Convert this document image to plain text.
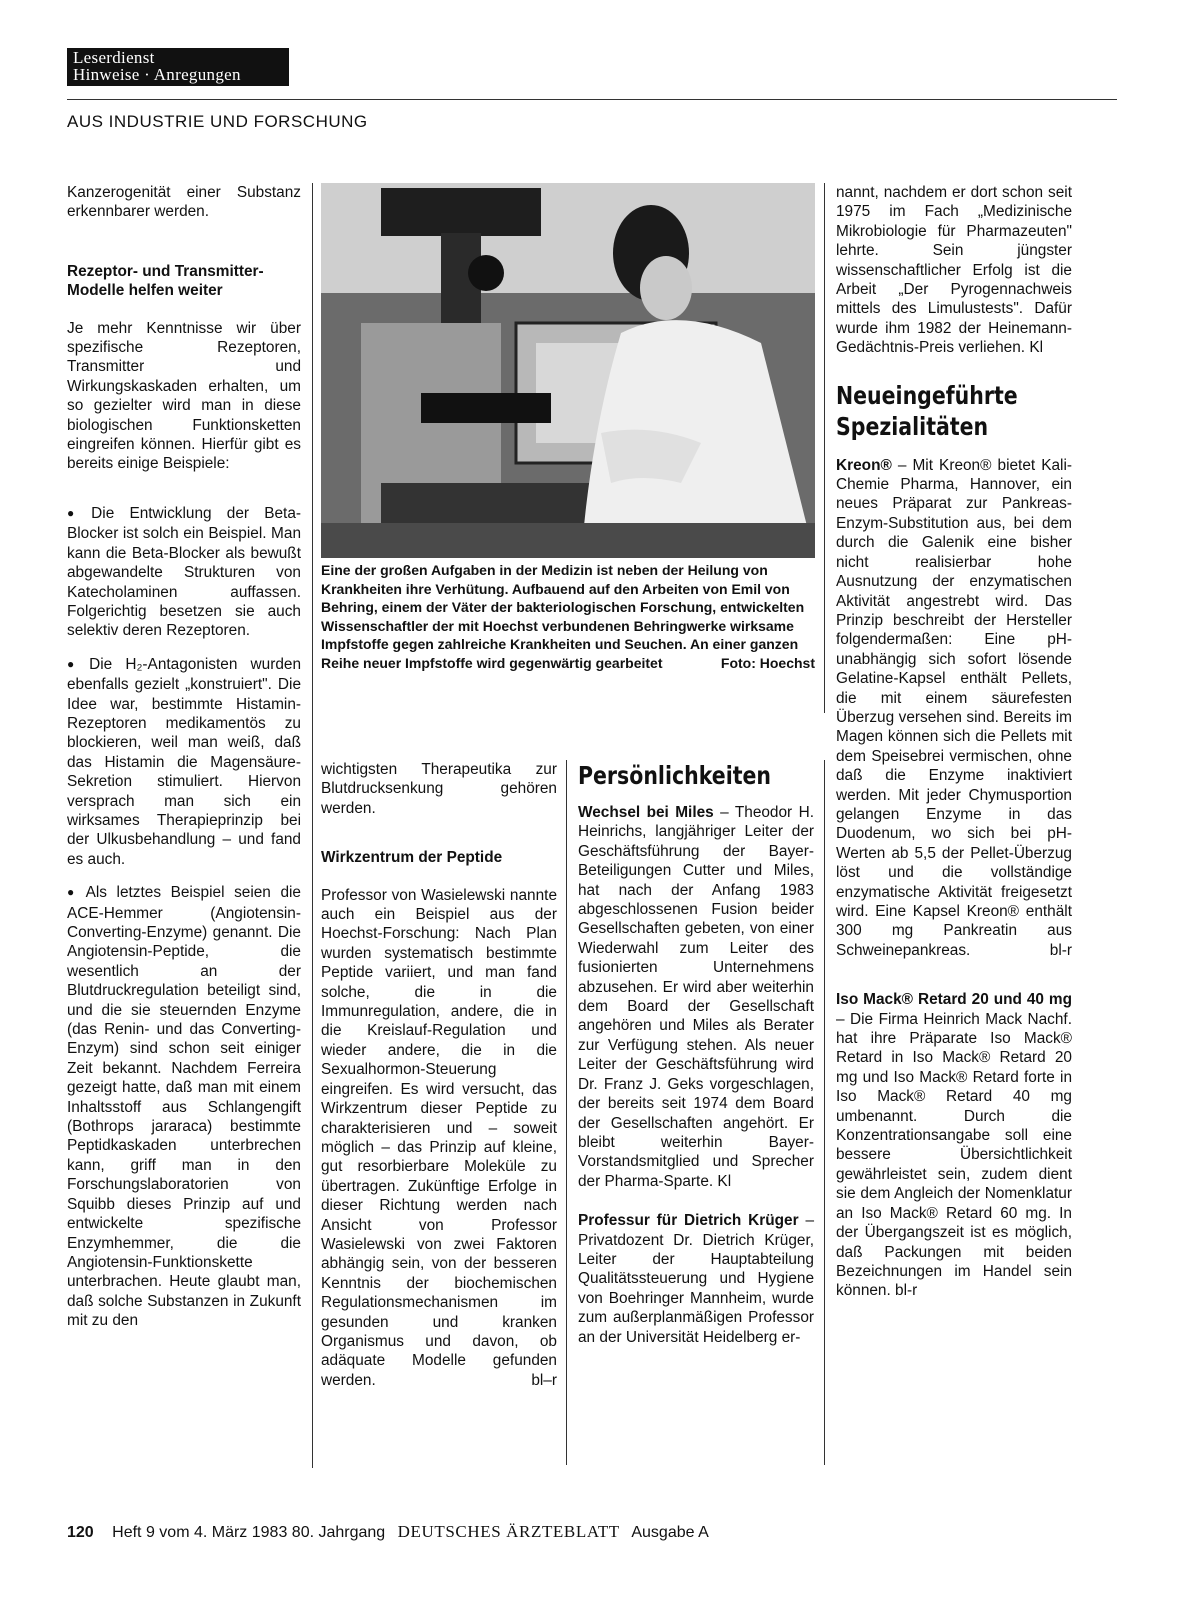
Leserdienst
Hinweise · Anregungen
AUS INDUSTRIE UND FORSCHUNG

Kanzerogenität einer Substanz erkennbarer werden.

Rezeptor- und Transmitter-Modelle helfen weiter

Je mehr Kenntnisse wir über spezifische Rezeptoren, Transmitter und Wirkungskaskaden erhalten, um so gezielter wird man in diese biologischen Funktionsketten eingreifen können. Hierfür gibt es bereits einige Beispiele:

● Die Entwicklung der Beta-Blocker ist solch ein Beispiel. Man kann die Beta-Blocker als bewußt abgewandelte Strukturen von Katecholaminen auffassen. Folgerichtig besetzen sie auch selektiv deren Rezeptoren.

● Die H₂-Antagonisten wurden ebenfalls gezielt „konstruiert". Die Idee war, bestimmte Histamin-Rezeptoren medikamentös zu blockieren, weil man weiß, daß das Histamin die Magensäure-Sekretion stimuliert. Hiervon versprach man sich ein wirksames Therapieprinzip bei der Ulkusbehandlung – und fand es auch.

● Als letztes Beispiel seien die ACE-Hemmer (Angiotensin-Converting-Enzyme) genannt. Die Angiotensin-Peptide, die wesentlich an der Blutdruckregulation beteiligt sind, und die sie steuernden Enzyme (das Renin- und das Converting-Enzym) sind schon seit einiger Zeit bekannt. Nachdem Ferreira gezeigt hatte, daß man mit einem Inhaltsstoff aus Schlangengift (Bothrops jararaca) bestimmte Peptidkaskaden unterbrechen kann, griff man in den Forschungslaboratorien von Squibb dieses Prinzip auf und entwickelte spezifische Enzymhemmer, die die Angiotensin-Funktionskette unterbrachen. Heute glaubt man, daß solche Substanzen in Zukunft mit zu den

Eine der großen Aufgaben in der Medizin ist neben der Heilung von Krankheiten ihre Verhütung. Aufbauend auf den Arbeiten von Emil von Behring, einem der Väter der bakteriologischen Forschung, entwickelten Wissenschaftler der mit Hoechst verbundenen Behringwerke wirksame Impfstoffe gegen zahlreiche Krankheiten und Seuchen. An einer ganzen Reihe neuer Impfstoffe wird gegenwärtig gearbeitet	Foto: Hoechst

wichtigsten Therapeutika zur Blutdrucksenkung gehören werden.

Wirkzentrum der Peptide

Professor von Wasielewski nannte auch ein Beispiel aus der Hoechst-Forschung: Nach Plan wurden systematisch bestimmte Peptide variiert, und man fand solche, die in die Immunregulation, andere, die in die Kreislauf-Regulation und wieder andere, die in die Sexualhormon-Steuerung eingreifen. Es wird versucht, das Wirkzentrum dieser Peptide zu charakterisieren und – soweit möglich – das Prinzip auf kleine, gut resorbierbare Moleküle zu übertragen. Zukünftige Erfolge in dieser Richtung werden nach Ansicht von Professor Wasielewski von zwei Faktoren abhängig sein, von der besseren Kenntnis der biochemischen Regulationsmechanismen im gesunden und kranken Organismus und davon, ob adäquate Modelle gefunden werden.	bl–r

Persönlichkeiten

Wechsel bei Miles – Theodor H. Heinrichs, langjähriger Leiter der Geschäftsführung der Bayer-Beteiligungen Cutter und Miles, hat nach der Anfang 1983 abgeschlossenen Fusion beider Gesellschaften gebeten, von einer Wiederwahl zum Leiter des fusionierten Unternehmens abzusehen. Er wird aber weiterhin dem Board der Gesellschaft angehören und Miles als Berater zur Verfügung stehen. Als neuer Leiter der Geschäftsführung wird Dr. Franz J. Geks vorgeschlagen, der bereits seit 1974 dem Board der Gesellschaften angehört. Er bleibt weiterhin Bayer-Vorstandsmitglied und Sprecher der Pharma-Sparte. Kl

Professur für Dietrich Krüger – Privatdozent Dr. Dietrich Krüger, Leiter der Hauptabteilung Qualitätssteuerung und Hygiene von Boehringer Mannheim, wurde zum außerplanmäßigen Professor an der Universität Heidelberg er-

nannt, nachdem er dort schon seit 1975 im Fach „Medizinische Mikrobiologie für Pharmazeuten" lehrte. Sein jüngster wissenschaftlicher Erfolg ist die Arbeit „Der Pyrogennachweis mittels des Limulustests". Dafür wurde ihm 1982 der Heinemann-Gedächtnis-Preis verliehen. Kl

Neueingeführte
Spezialitäten

Kreon® – Mit Kreon® bietet Kali-Chemie Pharma, Hannover, ein neues Präparat zur Pankreas-Enzym-Substitution aus, bei dem durch die Galenik eine bisher nicht realisierbar hohe Ausnutzung der enzymatischen Aktivität angestrebt wird. Das Prinzip beschreibt der Hersteller folgendermaßen: Eine pH-unabhängig sich sofort lösende Gelatine-Kapsel enthält Pellets, die mit einem säurefesten Überzug versehen sind. Bereits im Magen können sich die Pellets mit dem Speisebrei vermischen, ohne daß die Enzyme inaktiviert werden. Mit jeder Chymusportion gelangen Enzyme in das Duodenum, wo sich bei pH-Werten ab 5,5 der Pellet-Überzug löst und die vollständige enzymatische Aktivität freigesetzt wird. Eine Kapsel Kreon® enthält 300 mg Pankreatin aus Schweinepankreas.	bl-r

Iso Mack® Retard 20 und 40 mg – Die Firma Heinrich Mack Nachf. hat ihre Präparate Iso Mack® Retard in Iso Mack® Retard 20 mg und Iso Mack® Retard forte in Iso Mack® Retard 40 mg umbenannt. Durch die Konzentrationsangabe soll eine bessere Übersichtlichkeit gewährleistet sein, zudem dient sie dem Angleich der Nomenklatur an Iso Mack® Retard 60 mg. In der Übergangszeit ist es möglich, daß Packungen mit beiden Bezeichnungen im Handel sein können. bl-r

120 Heft 9 vom 4. März 1983 80. Jahrgang DEUTSCHES ÄRZTEBLATT Ausgabe A
